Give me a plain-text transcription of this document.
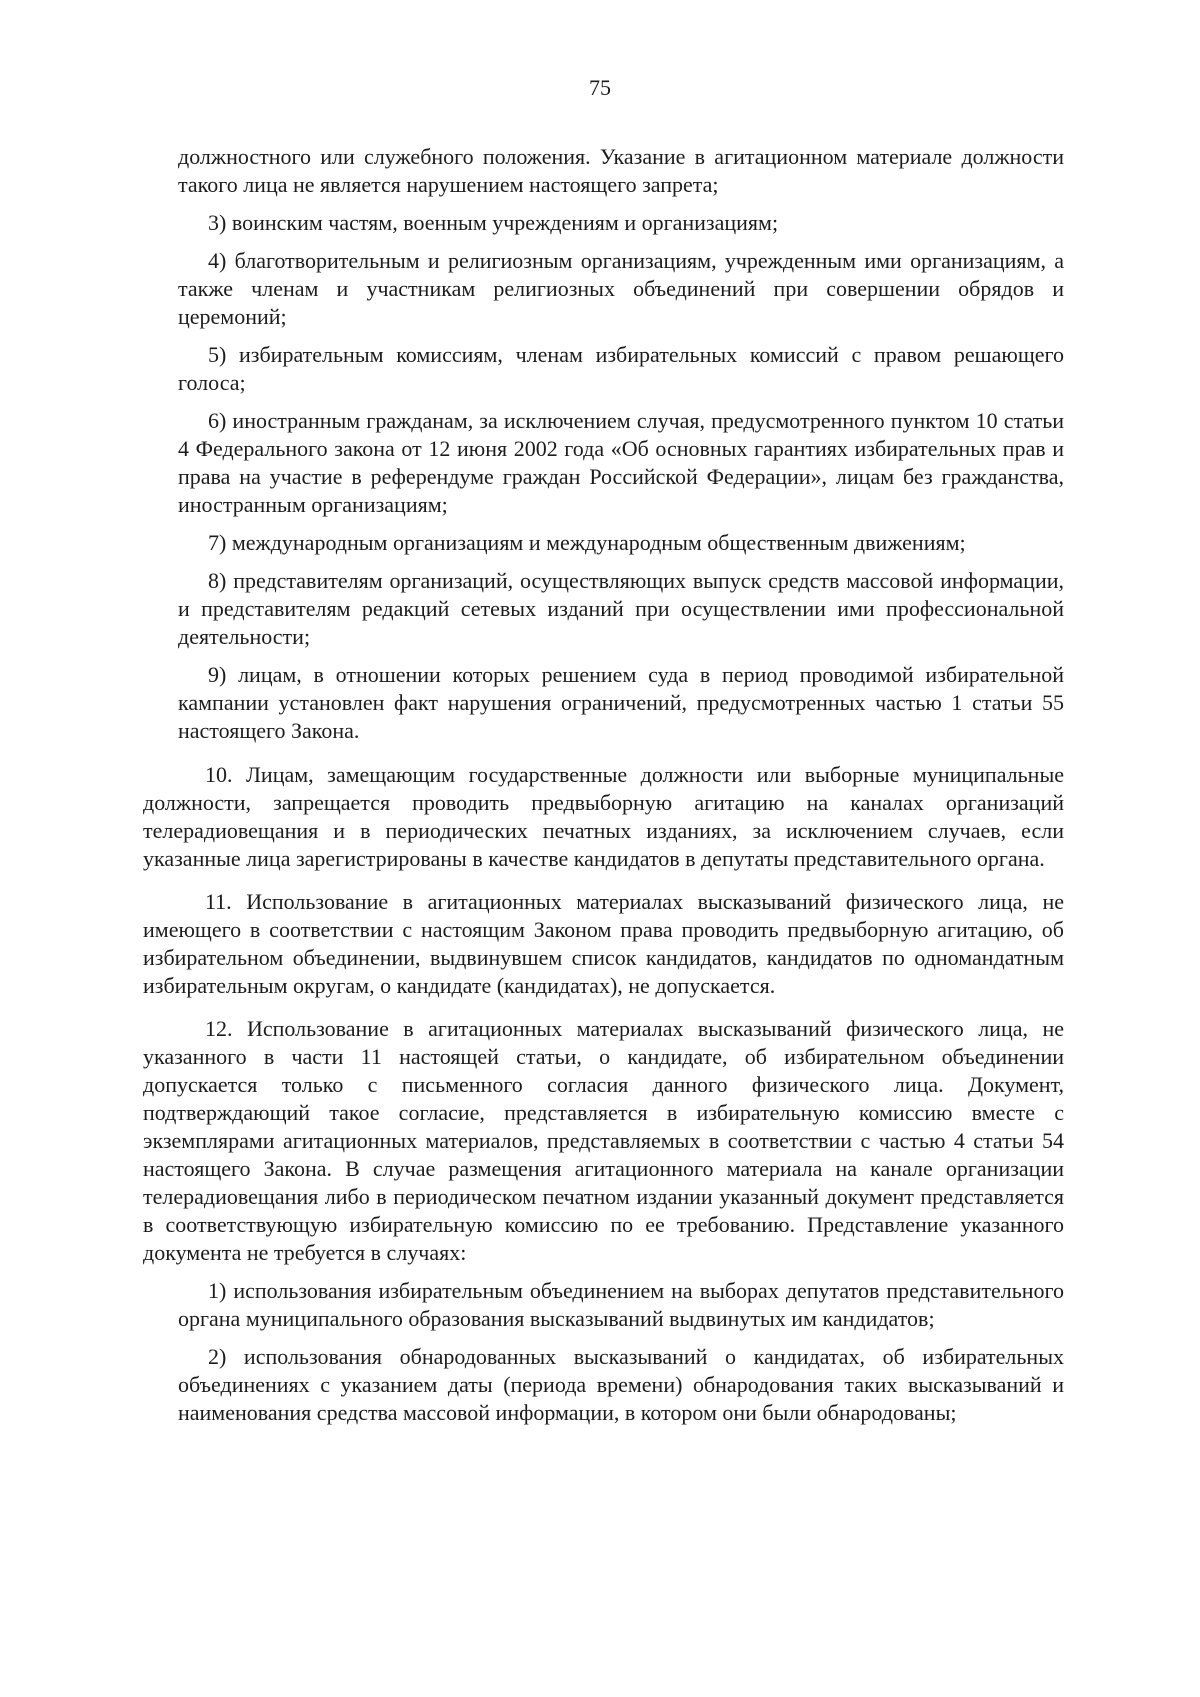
75

должностного или служебного положения. Указание в агитационном материале должности такого лица не является нарушением настоящего запрета;

3) воинским частям, военным учреждениям и организациям;

4) благотворительным и религиозным организациям, учрежденным ими организациям, а также членам и участникам религиозных объединений при совершении обрядов и церемоний;

5) избирательным комиссиям, членам избирательных комиссий с правом решающего голоса;

6) иностранным гражданам, за исключением случая, предусмотренного пунктом 10 статьи 4 Федерального закона от 12 июня 2002 года «Об основных гарантиях избирательных прав и права на участие в референдуме граждан Российской Федерации», лицам без гражданства, иностранным организациям;

7) международным организациям и международным общественным движениям;

8) представителям организаций, осуществляющих выпуск средств массовой информации, и представителям редакций сетевых изданий при осуществлении ими профессиональной деятельности;

9) лицам, в отношении которых решением суда в период проводимой избирательной кампании установлен факт нарушения ограничений, предусмотренных частью 1 статьи 55 настоящего Закона.

10. Лицам, замещающим государственные должности или выборные муниципальные должности, запрещается проводить предвыборную агитацию на каналах организаций телерадиовещания и в периодических печатных изданиях, за исключением случаев, если указанные лица зарегистрированы в качестве кандидатов в депутаты представительного органа.

11. Использование в агитационных материалах высказываний физического лица, не имеющего в соответствии с настоящим Законом права проводить предвыборную агитацию, об избирательном объединении, выдвинувшем список кандидатов, кандидатов по одномандатным избирательным округам, о кандидате (кандидатах), не допускается.

12. Использование в агитационных материалах высказываний физического лица, не указанного в части 11 настоящей статьи, о кандидате, об избирательном объединении допускается только с письменного согласия данного физического лица. Документ, подтверждающий такое согласие, представляется в избирательную комиссию вместе с экземплярами агитационных материалов, представляемых в соответствии с частью 4 статьи 54 настоящего Закона. В случае размещения агитационного материала на канале организации телерадиовещания либо в периодическом печатном издании указанный документ представляется в соответствующую избирательную комиссию по ее требованию. Представление указанного документа не требуется в случаях:

1) использования избирательным объединением на выборах депутатов представительного органа муниципального образования высказываний выдвинутых им кандидатов;

2) использования обнародованных высказываний о кандидатах, об избирательных объединениях с указанием даты (периода времени) обнародования таких высказываний и наименования средства массовой информации, в котором они были обнародованы;
